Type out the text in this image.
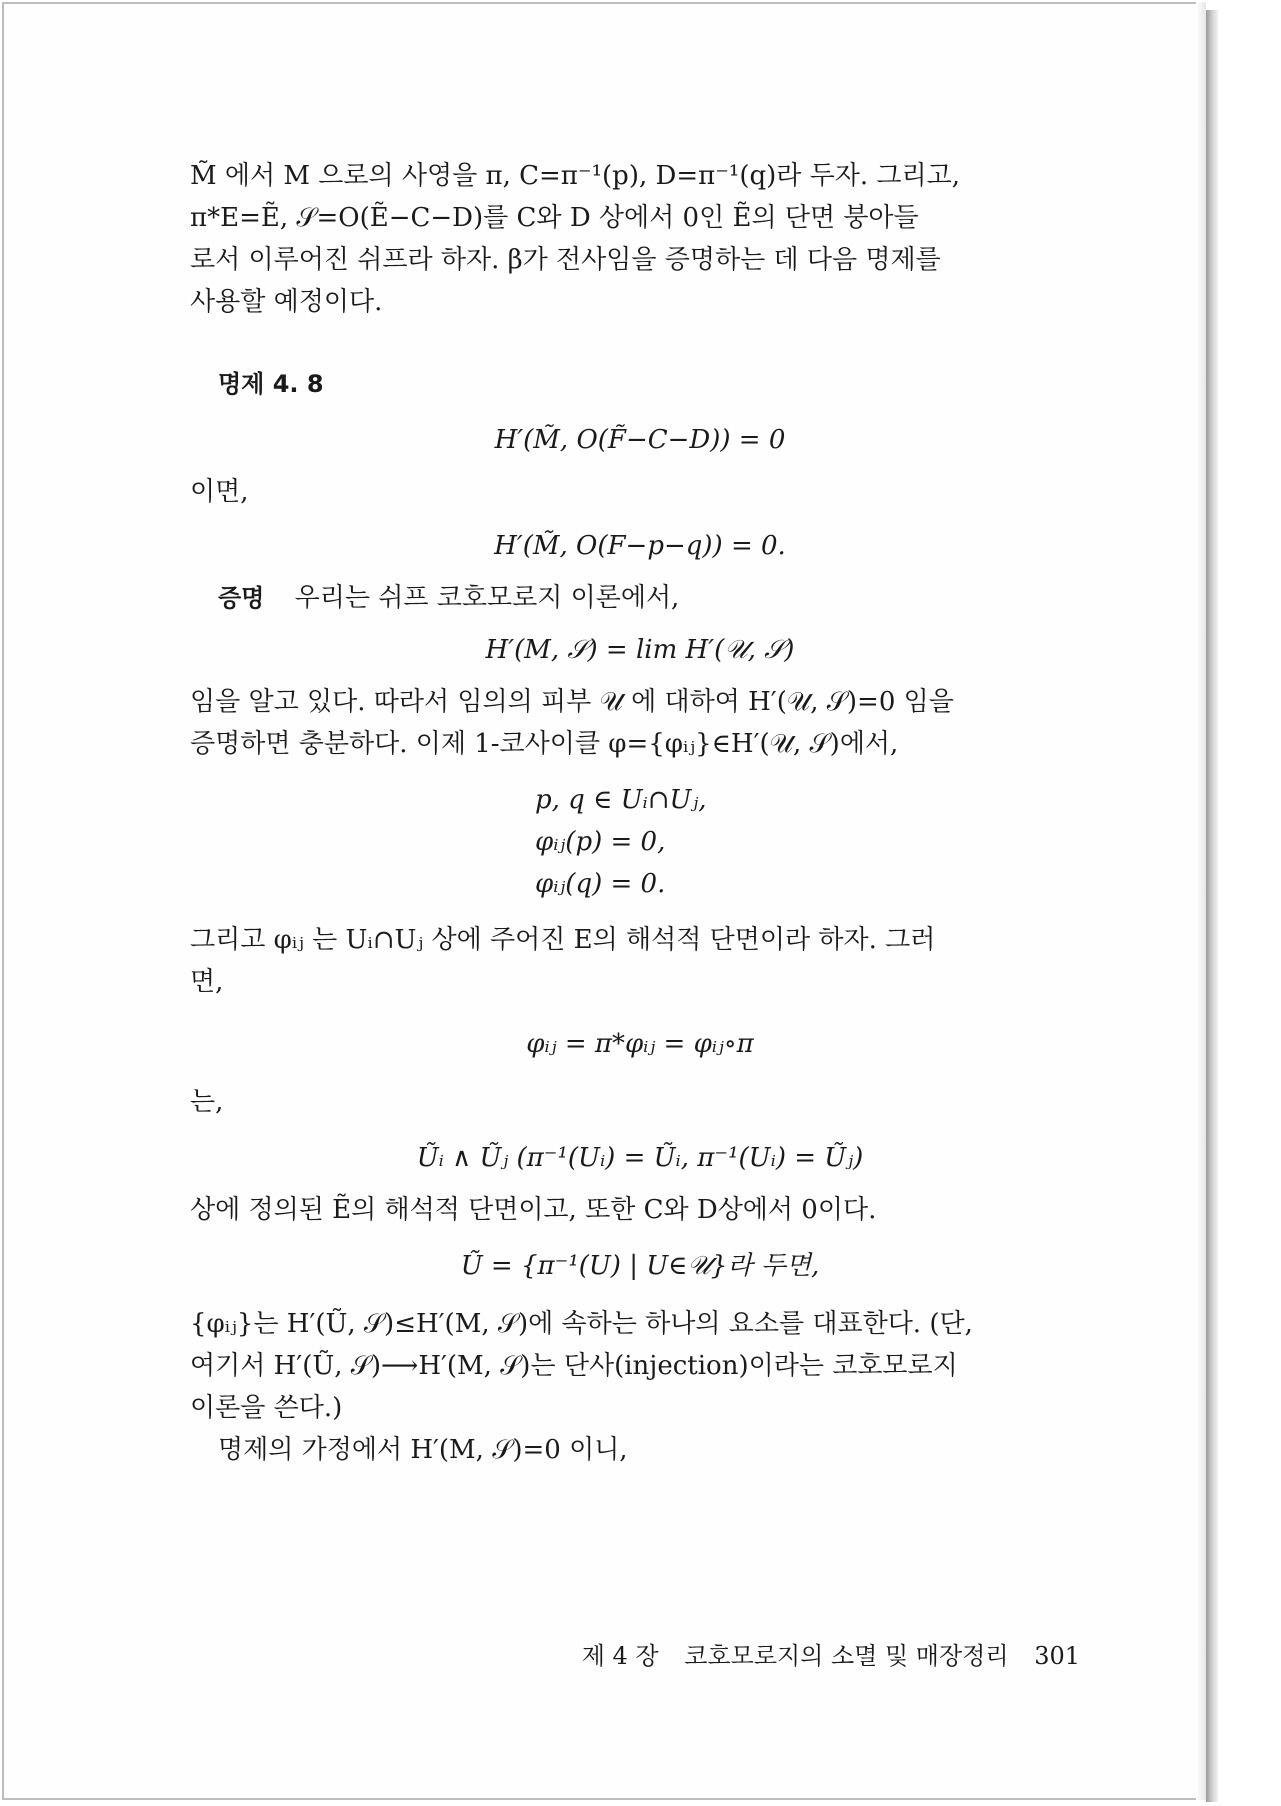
M̃ 에서 M 으로의 사영을 π, C=π⁻¹(p), D=π⁻¹(q)라 두자. 그리고,

π*E=Ẽ, 𝒮=O(Ẽ−C−D)를 C와 D 상에서 0인 Ẽ의 단면 붕아들

로서 이루어진 쉬프라 하자. β가 전사임을 증명하는 데 다음 명제를

사용할 예정이다.

명제 4. 8

H′(M̃, O(F̃−C−D)) = 0

이면,

H′(M̃, O(F−p−q)) = 0.

증명 우리는 쉬프 코호모로지 이론에서,

H′(M, 𝒮) = lim H′(𝒰, 𝒮)

임을 알고 있다. 따라서 임의의 피부 𝒰 에 대하여 H′(𝒰, 𝒮)=0 임을

증명하면 충분하다. 이제 1-코사이클 φ={φᵢⱼ}∈H′(𝒰, 𝒮)에서,

p, q ∈ Uᵢ∩Uⱼ,

φᵢⱼ(p) = 0,

φᵢⱼ(q) = 0.

그리고 φᵢⱼ 는 Uᵢ∩Uⱼ 상에 주어진 E의 해석적 단면이라 하자. 그러

면,

φᵢⱼ = π*φᵢⱼ = φᵢⱼ∘π

는,

Ũᵢ ∧ Ũⱼ (π⁻¹(Uᵢ) = Ũᵢ, π⁻¹(Uᵢ) = Ũⱼ)

상에 정의된 Ẽ의 해석적 단면이고, 또한 C와 D상에서 0이다.

Ũ = {π⁻¹(U) | U∈𝒰}라 두면,

{φᵢⱼ}는 H′(Ũ, 𝒮)≤H′(M, 𝒮)에 속하는 하나의 요소를 대표한다. (단,

여기서 H′(Ũ, 𝒮)⟶H′(M, 𝒮)는 단사(injection)이라는 코호모로지

이론을 쓴다.)

명제의 가정에서 H′(M, 𝒮)=0 이니,

제 4 장 코호모로지의 소멸 및 매장정리 301
